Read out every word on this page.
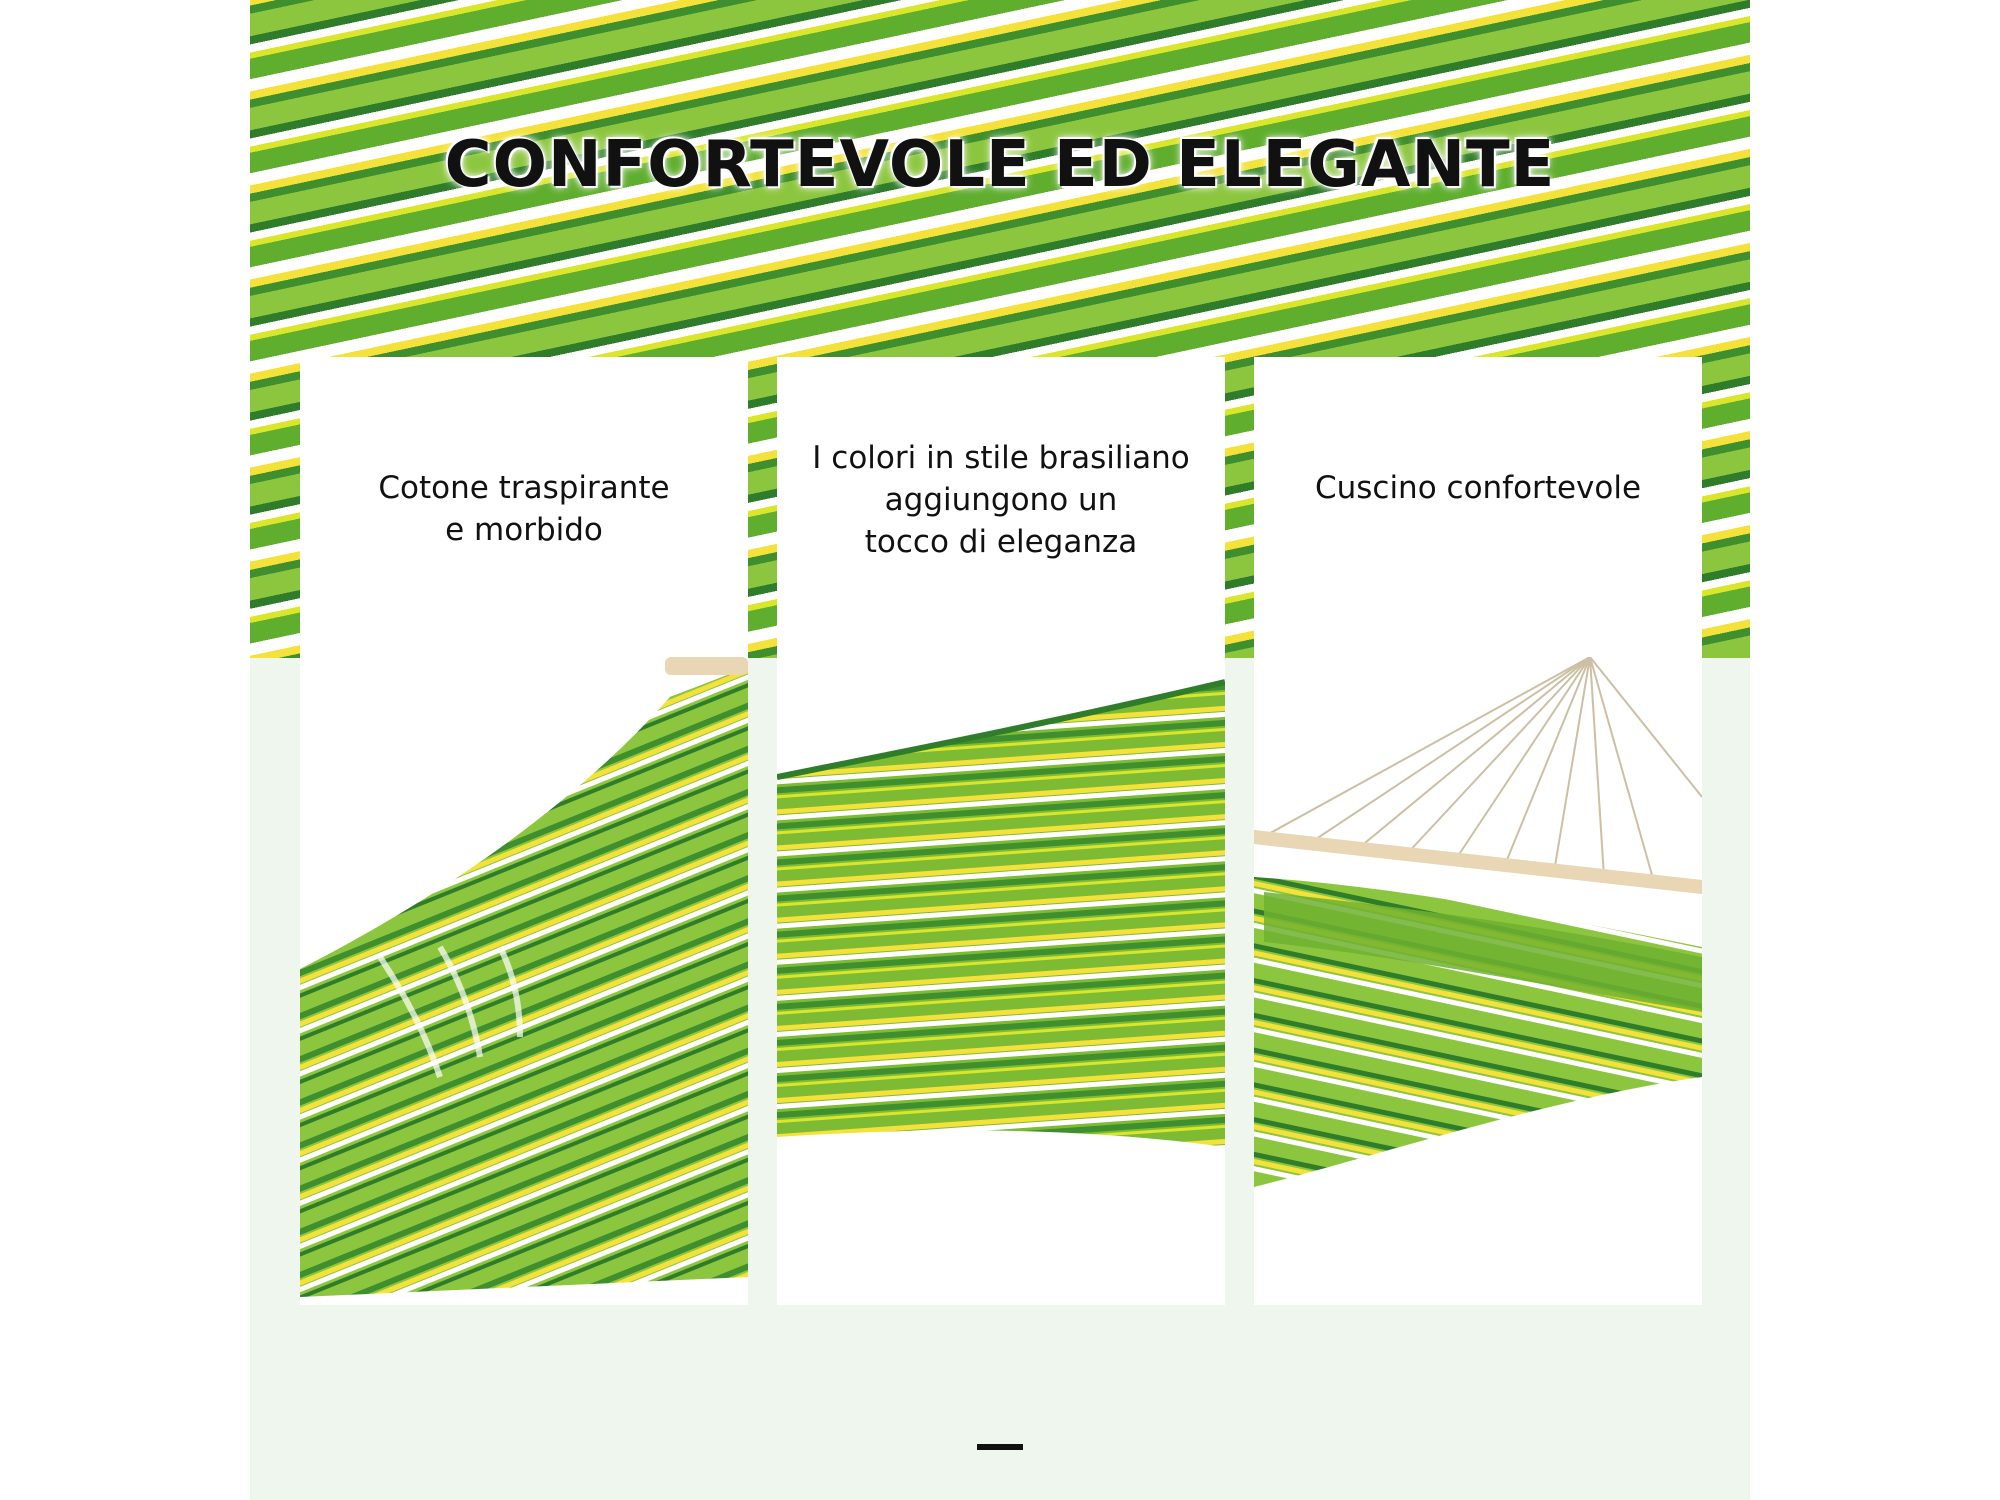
CONFORTEVOLE ED ELEGANTE
Cotone traspirante
e morbido
I colori in stile brasiliano
aggiungono un
tocco di eleganza
Cuscino confortevole
